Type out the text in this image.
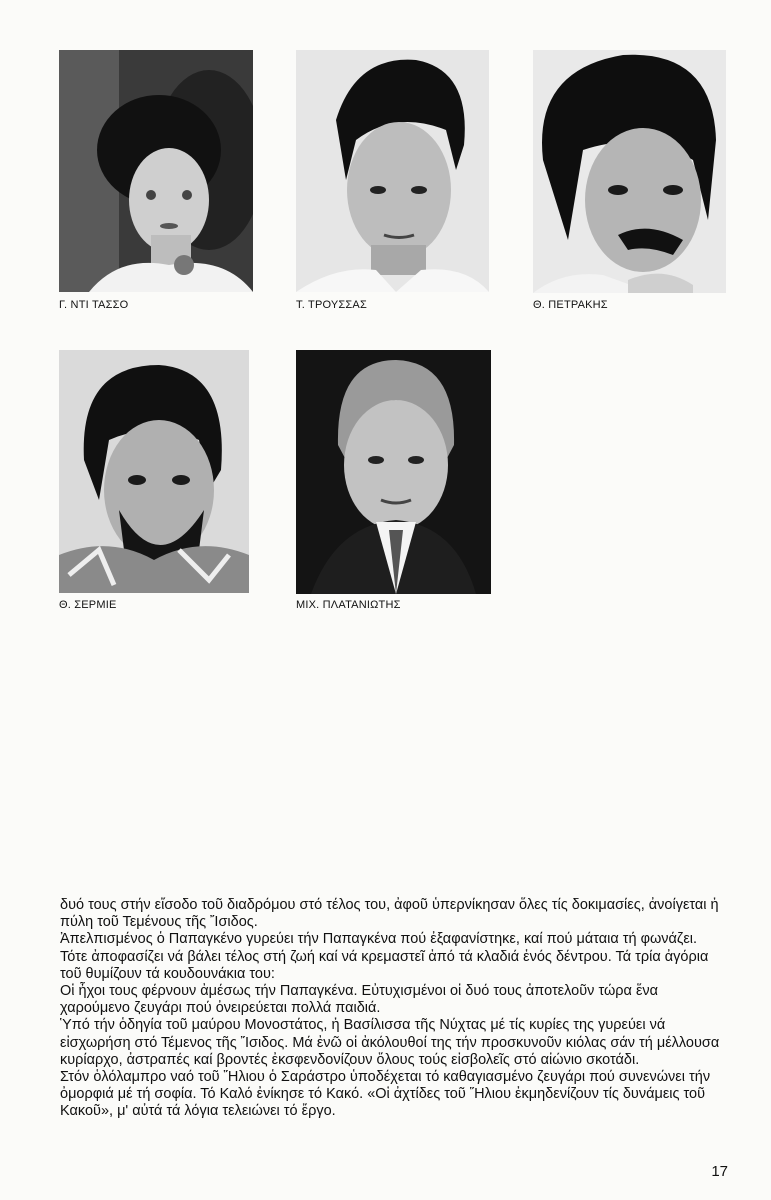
Γ. ΝΤΙ ΤΑΣΣΟ	Τ. ΤΡΟΥΣΣΑΣ	Θ. ΠΕΤΡΑΚΗΣ
Θ. ΣΕΡΜΙΕ	ΜΙΧ. ΠΛΑΤΑΝΙΩΤΗΣ

δυό τους στήν εἴσοδο τοῦ διαδρόμου στό τέλος του, ἀφοῦ ὑπερνίκησαν ὅλες τίς δοκιμασίες, ἀνοίγεται ἡ πύλη τοῦ Τεμένους τῆς Ἴσιδος.

Ἀπελπισμένος ὁ Παπαγκένο γυρεύει τήν Παπαγκένα πού ἐξαφανίστηκε, καί πού μάταια τή φωνάζει. Τότε ἀποφασίζει νά βάλει τέλος στή ζωή καί νά κρεμαστεῖ ἀπό τά κλαδιά ἑνός δέντρου. Τά τρία ἀγόρια τοῦ θυμίζουν τά κουδουνάκια του:

Οἱ ἦχοι τους φέρνουν ἀμέσως τήν Παπαγκένα. Εὐτυχισμένοι οἱ δυό τους ἀποτελοῦν τώρα ἕνα χαρούμενο ζευγάρι πού ὀνειρεύεται πολλά παιδιά.

Ὑπό τήν ὁδηγία τοῦ μαύρου Μονοστάτος, ἡ Βασίλισσα τῆς Νύχτας μέ τίς κυρίες της γυρεύει νά εἰσχωρήση στό Τέμενος τῆς Ἴσιδος. Μά ἐνῶ οἱ ἀκόλουθοί της τήν προσκυνοῦν κιόλας σάν τή μέλλουσα κυρίαρχο, ἀστραπές καί βροντές ἐκσφενδονίζουν ὅλους τούς εἰσβολεῖς στό αἰώνιο σκοτάδι.

Στόν ὁλόλαμπρο ναό τοῦ Ἥλιου ὁ Σαράστρο ὑποδέχεται τό καθαγιασμένο ζευγάρι πού συνενώνει τήν ὀμορφιά μέ τή σοφία. Τό Καλό ἐνίκησε τό Κακό. «Οἱ ἀχτίδες τοῦ Ἥλιου ἐκμηδενίζουν τίς δυνάμεις τοῦ Κακοῦ», μ' αὐτά τά λόγια τελειώνει τό ἔργο.

17
